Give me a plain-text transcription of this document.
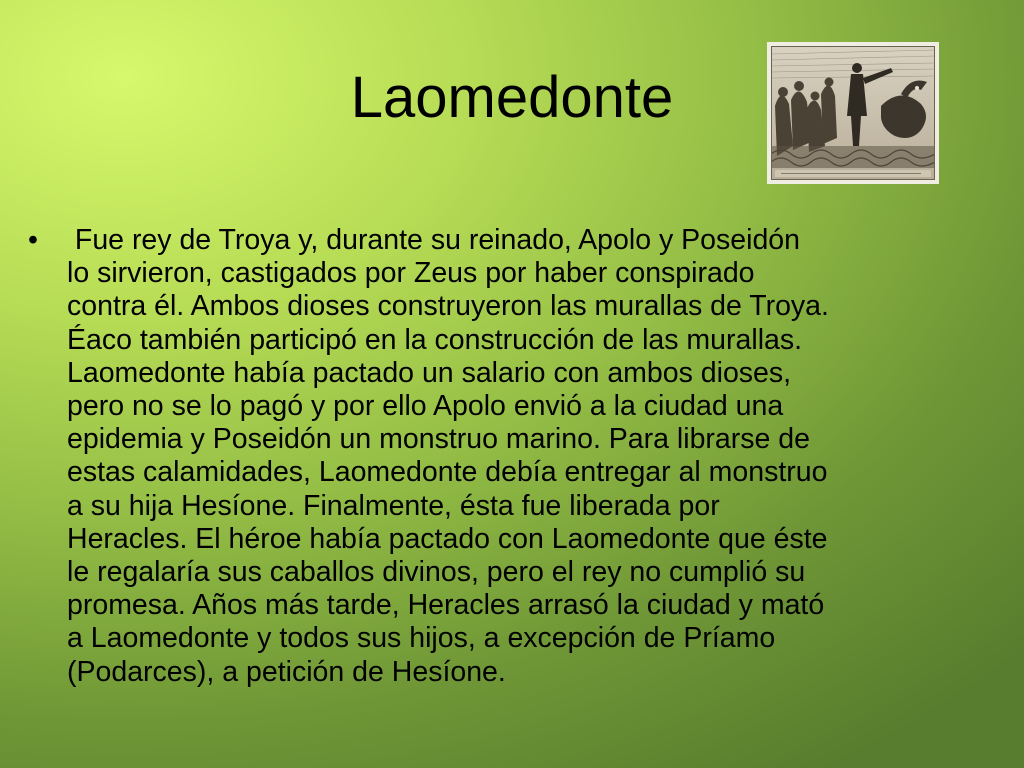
Laomedonte
•	Fue rey de Troya y, durante su reinado, Apolo y Poseidón
lo sirvieron, castigados por Zeus por haber conspirado
contra él. Ambos dioses construyeron las murallas de Troya.
Éaco también participó en la construcción de las murallas.
Laomedonte había pactado un salario con ambos dioses,
pero no se lo pagó y por ello Apolo envió a la ciudad una
epidemia y Poseidón un monstruo marino. Para librarse de
estas calamidades, Laomedonte debía entregar al monstruo
a su hija Hesíone. Finalmente, ésta fue liberada por
Heracles. El héroe había pactado con Laomedonte que éste
le regalaría sus caballos divinos, pero el rey no cumplió su
promesa. Años más tarde, Heracles arrasó la ciudad y mató
a Laomedonte y todos sus hijos, a excepción de Príamo
(Podarces), a petición de Hesíone.
